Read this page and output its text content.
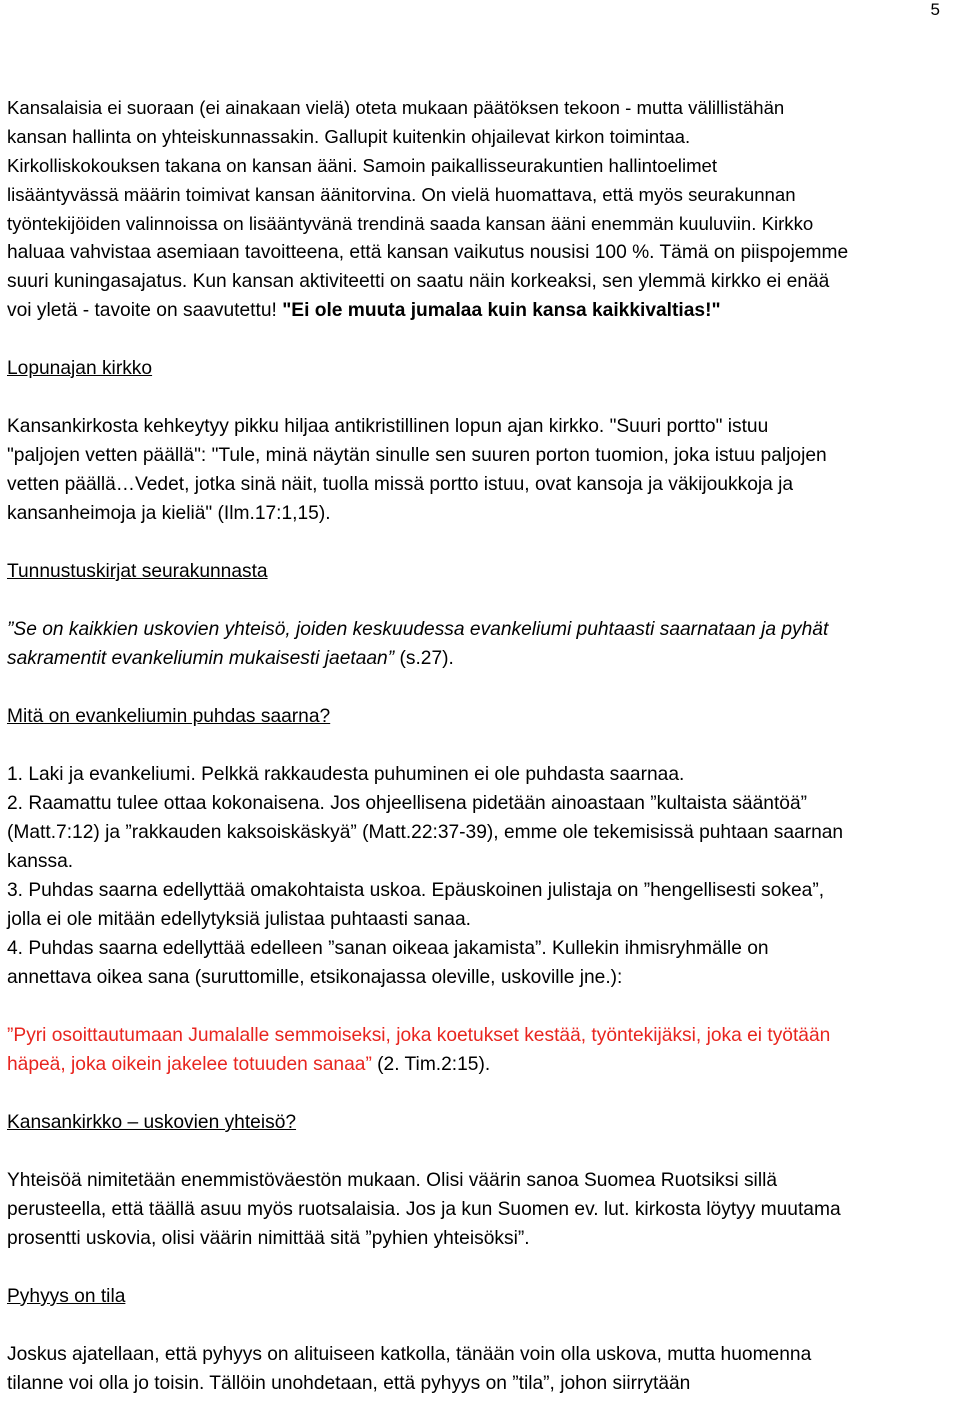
5

Kansalaisia ei suoraan (ei ainakaan vielä) oteta mukaan päätöksen tekoon - mutta välillistähän

kansan hallinta on yhteiskunnassakin. Gallupit kuitenkin ohjailevat kirkon toimintaa.

Kirkolliskokouksen takana on kansan ääni. Samoin paikallisseurakuntien hallintoelimet

lisääntyvässä määrin toimivat kansan äänitorvina. On vielä huomattava, että myös seurakunnan

työntekijöiden valinnoissa on lisääntyvänä trendinä saada kansan ääni enemmän kuuluviin. Kirkko

haluaa vahvistaa asemiaan tavoitteena, että kansan vaikutus nousisi 100 %. Tämä on piispojemme

suuri kuningasajatus. Kun kansan aktiviteetti on saatu näin korkeaksi, sen ylemmä kirkko ei enää

voi yletä - tavoite on saavutettu! "Ei ole muuta jumalaa kuin kansa kaikkivaltias!"

Lopunajan kirkko

Kansankirkosta kehkeytyy pikku hiljaa antikristillinen lopun ajan kirkko. "Suuri portto" istuu

"paljojen vetten päällä": "Tule, minä näytän sinulle sen suuren porton tuomion, joka istuu paljojen

vetten päällä…Vedet, jotka sinä näit, tuolla missä portto istuu, ovat kansoja ja väkijoukkoja ja

kansanheimoja ja kieliä" (Ilm.17:1,15).

Tunnustuskirjat seurakunnasta

”Se on kaikkien uskovien yhteisö, joiden keskuudessa evankeliumi puhtaasti saarnataan ja pyhät

sakramentit evankeliumin mukaisesti jaetaan” (s.27).

Mitä on evankeliumin puhdas saarna?

1. Laki ja evankeliumi. Pelkkä rakkaudesta puhuminen ei ole puhdasta saarnaa.

2. Raamattu tulee ottaa kokonaisena. Jos ohjeellisena pidetään ainoastaan ”kultaista sääntöä”

(Matt.7:12) ja ”rakkauden kaksoiskäskyä” (Matt.22:37-39), emme ole tekemisissä puhtaan saarnan

kanssa.

3. Puhdas saarna edellyttää omakohtaista uskoa. Epäuskoinen julistaja on ”hengellisesti sokea”,

jolla ei ole mitään edellytyksiä julistaa puhtaasti sanaa.

4. Puhdas saarna edellyttää edelleen ”sanan oikeaa jakamista”. Kullekin ihmisryhmälle on

annettava oikea sana (suruttomille, etsikonajassa oleville, uskoville jne.):

”Pyri osoittautumaan Jumalalle semmoiseksi, joka koetukset kestää, työntekijäksi, joka ei työtään

häpeä, joka oikein jakelee totuuden sanaa” (2. Tim.2:15).

Kansankirkko – uskovien yhteisö?

Yhteisöä nimitetään enemmistöväestön mukaan. Olisi väärin sanoa Suomea Ruotsiksi sillä

perusteella, että täällä asuu myös ruotsalaisia. Jos ja kun Suomen ev. lut. kirkosta löytyy muutama

prosentti uskovia, olisi väärin nimittää sitä ”pyhien yhteisöksi”.

Pyhyys on tila

Joskus ajatellaan, että pyhyys on alituiseen katkolla, tänään voin olla uskova, mutta huomenna

tilanne voi olla jo toisin. Tällöin unohdetaan, että pyhyys on ”tila”, johon siirrytään
